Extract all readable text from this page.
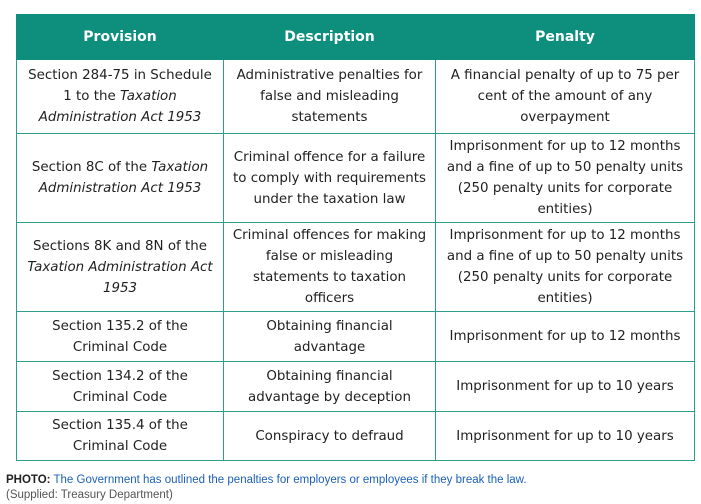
Provision	Description	Penalty

Section 284-75 in Schedule 1 to the Taxation Administration Act 1953	Administrative penalties for false and misleading statements	A financial penalty of up to 75 per cent of the amount of any overpayment

Section 8C of the Taxation Administration Act 1953	Criminal offence for a failure to comply with requirements under the taxation law	Imprisonment for up to 12 months and a fine of up to 50 penalty units (250 penalty units for corporate entities)

Sections 8K and 8N of the Taxation Administration Act 1953	Criminal offences for making false or misleading statements to taxation officers	Imprisonment for up to 12 months and a fine of up to 50 penalty units (250 penalty units for corporate entities)

Section 135.2 of the Criminal Code	Obtaining financial advantage	Imprisonment for up to 12 months

Section 134.2 of the Criminal Code	Obtaining financial advantage by deception	Imprisonment for up to 10 years

Section 135.4 of the Criminal Code	Conspiracy to defraud	Imprisonment for up to 10 years
PHOTO: The Government has outlined the penalties for employers or employees if they break the law.
(Supplied: Treasury Department)
